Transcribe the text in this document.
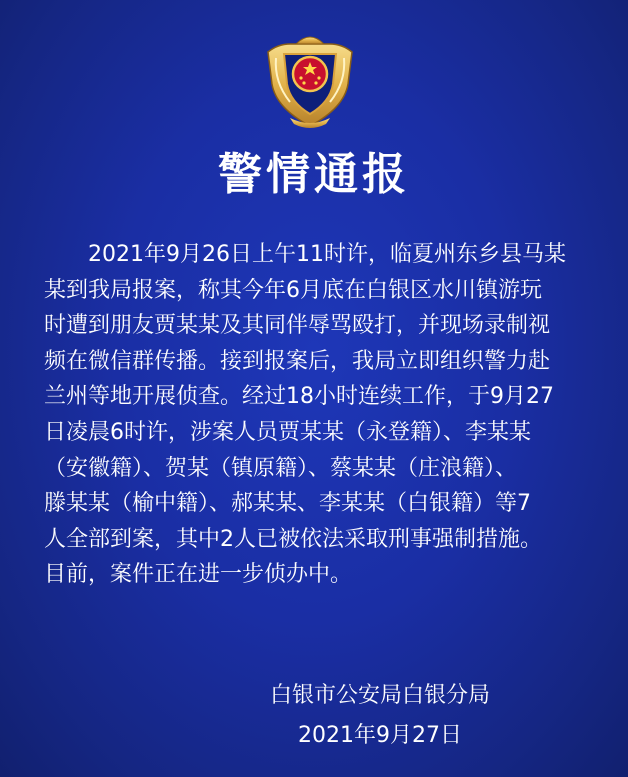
警情通报
2021年9月26日上午11时许，临夏州东乡县马某
某到我局报案，称其今年6月底在白银区水川镇游玩
时遭到朋友贾某某及其同伴辱骂殴打，并现场录制视
频在微信群传播。接到报案后，我局立即组织警力赴
兰州等地开展侦查。经过18小时连续工作，于9月27
日凌晨6时许，涉案人员贾某某（永登籍）、李某某
（安徽籍）、贺某（镇原籍）、蔡某某（庄浪籍）、
滕某某（榆中籍）、郝某某、李某某（白银籍）等7
人全部到案，其中2人已被依法采取刑事强制措施。
目前，案件正在进一步侦办中。
白银市公安局白银分局
2021年9月27日
